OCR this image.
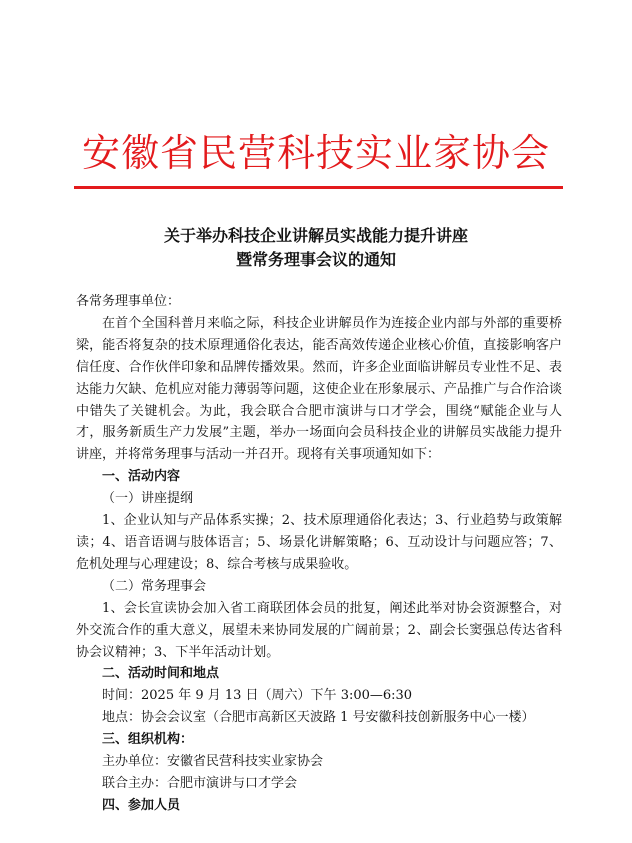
安徽省民营科技实业家协会
关于举办科技企业讲解员实战能力提升讲座
暨常务理事会议的通知

各常务理事单位：

在首个全国科普月来临之际，科技企业讲解员作为连接企业内部与外部的重要桥梁，能否将复杂的技术原理通俗化表达，能否高效传递企业核心价值，直接影响客户信任度、合作伙伴印象和品牌传播效果。然而，许多企业面临讲解员专业性不足、表达能力欠缺、危机应对能力薄弱等问题，这使企业在形象展示、产品推广与合作洽谈中错失了关键机会。为此，我会联合合肥市演讲与口才学会，围绕“赋能企业与人才，服务新质生产力发展”主题，举办一场面向会员科技企业的讲解员实战能力提升讲座，并将常务理事与活动一并召开。现将有关事项通知如下：

一、活动内容

（一）讲座提纲

1、企业认知与产品体系实操；2、技术原理通俗化表达；3、行业趋势与政策解读；4、语音语调与肢体语言；5、场景化讲解策略；6、互动设计与问题应答；7、危机处理与心理建设；8、综合考核与成果验收。

（二）常务理事会

1、会长宣读协会加入省工商联团体会员的批复，阐述此举对协会资源整合，对外交流合作的重大意义，展望未来协同发展的广阔前景；2、副会长窦强总传达省科协会议精神；3、下半年活动计划。

二、活动时间和地点

时间：2025 年 9 月 13 日（周六）下午 3:00—6:30

地点：协会会议室（合肥市高新区天波路 1 号安徽科技创新服务中心一楼）

三、组织机构：

主办单位：安徽省民营科技实业家协会

联合主办：合肥市演讲与口才学会

四、参加人员
